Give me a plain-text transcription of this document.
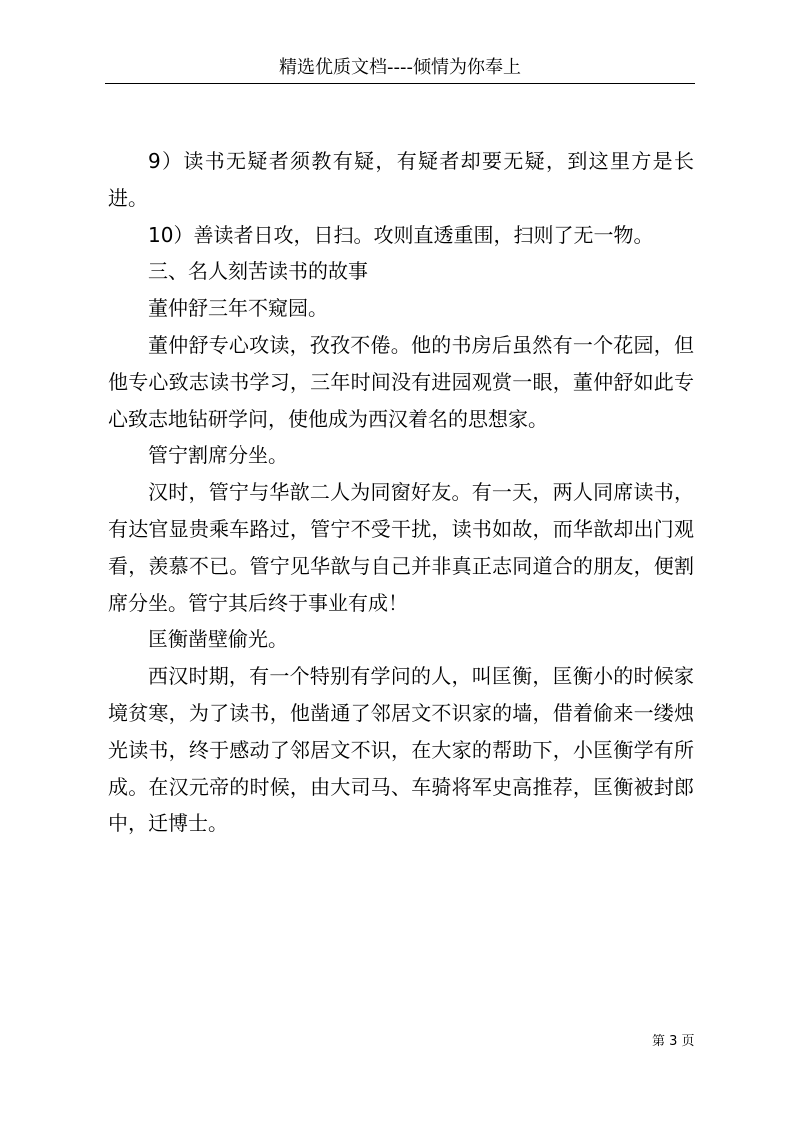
精选优质文档----倾情为你奉上

9）读书无疑者须教有疑，有疑者却要无疑，到这里方是长进。

10）善读者日攻，日扫。攻则直透重围，扫则了无一物。

三、名人刻苦读书的故事

董仲舒三年不窥园。

董仲舒专心攻读，孜孜不倦。他的书房后虽然有一个花园，但他专心致志读书学习，三年时间没有进园观赏一眼，董仲舒如此专心致志地钻研学问，使他成为西汉着名的思想家。

管宁割席分坐。

汉时，管宁与华歆二人为同窗好友。有一天，两人同席读书，有达官显贵乘车路过，管宁不受干扰，读书如故，而华歆却出门观看，羡慕不已。管宁见华歆与自己并非真正志同道合的朋友，便割席分坐。管宁其后终于事业有成！

匡衡凿壁偷光。

西汉时期，有一个特别有学问的人，叫匡衡，匡衡小的时候家境贫寒，为了读书，他凿通了邻居文不识家的墙，借着偷来一缕烛光读书，终于感动了邻居文不识，在大家的帮助下，小匡衡学有所成。在汉元帝的时候，由大司马、车骑将军史高推荐，匡衡被封郎中，迁博士。

第 3 页
